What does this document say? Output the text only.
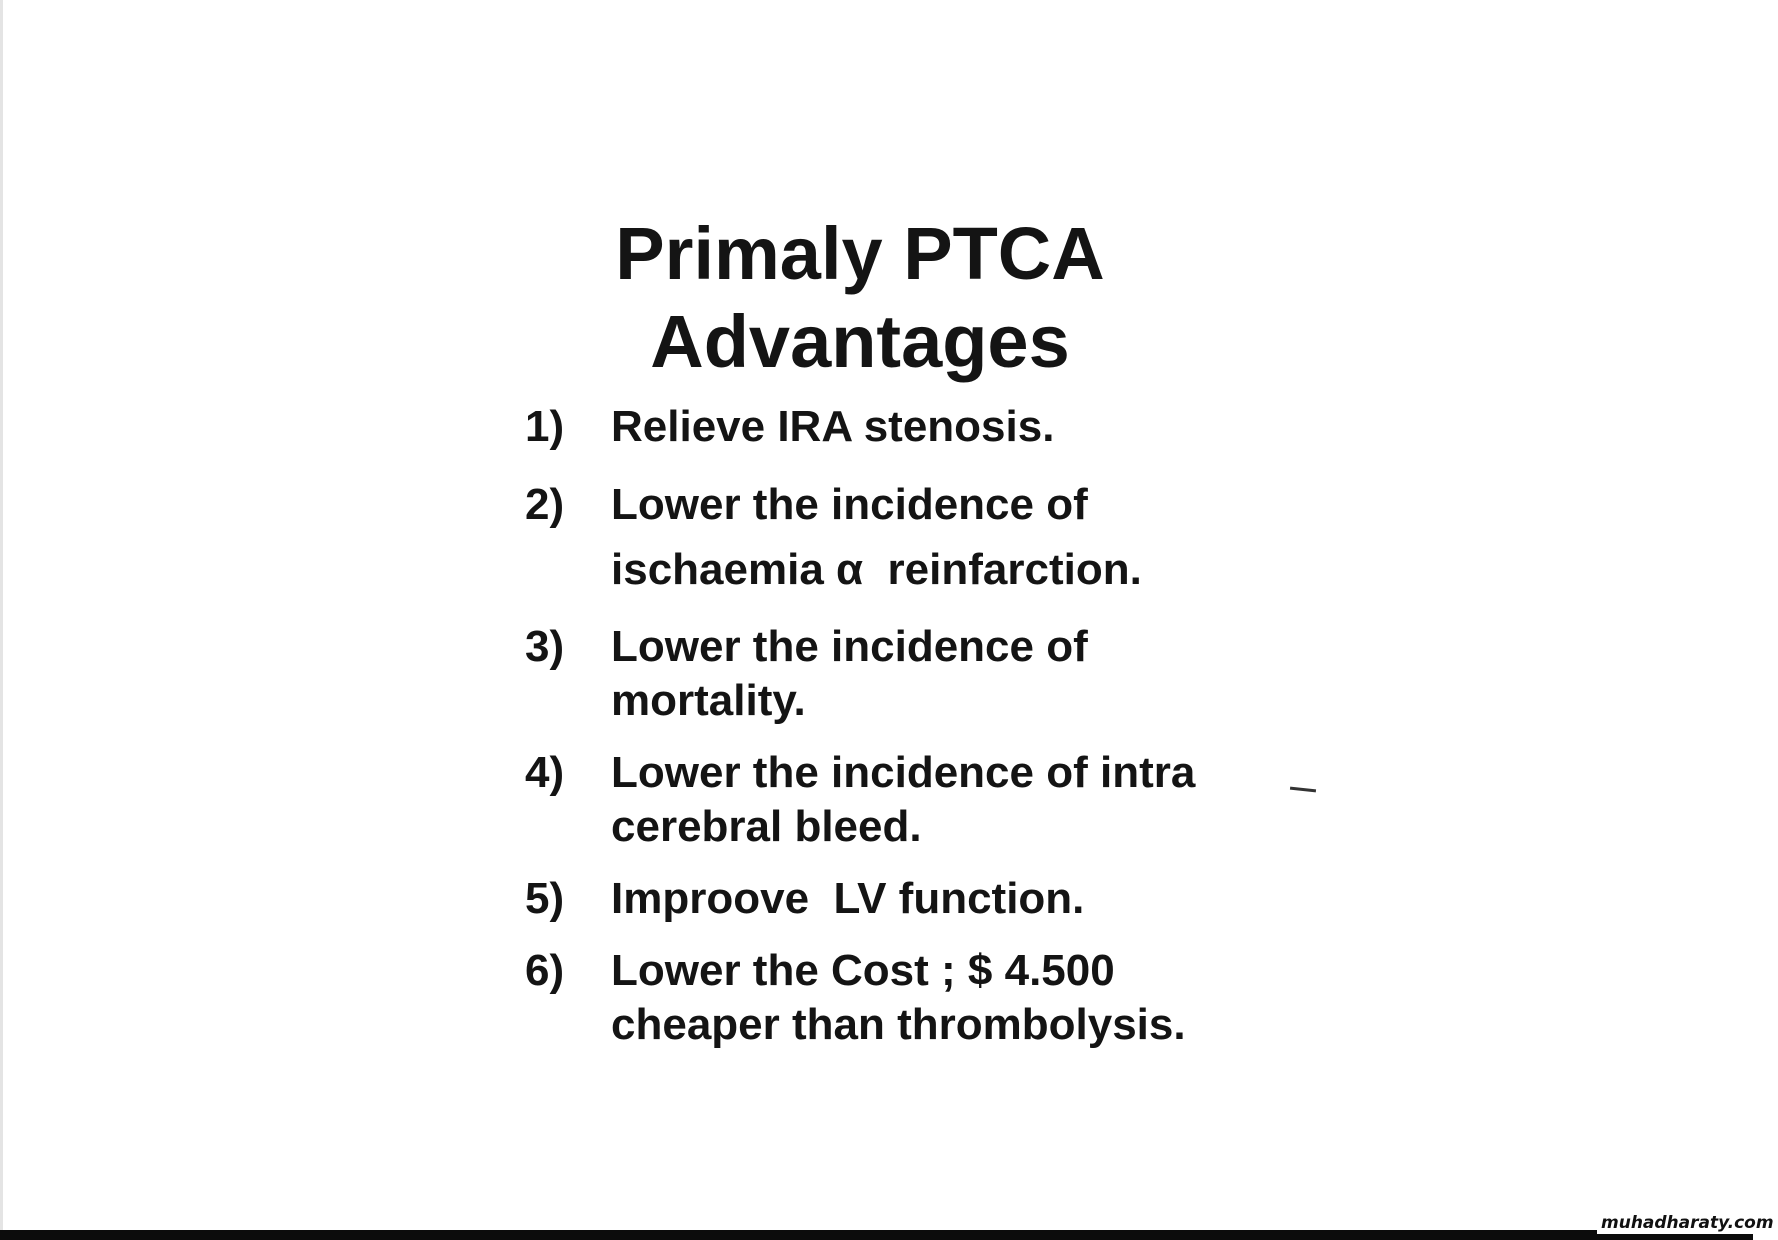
Primaly PTCA
Advantages
1) Relieve IRA stenosis.
2) Lower the incidence of
ischaemia α  reinfarction.
3) Lower the incidence of
mortality.
4) Lower the incidence of intra
cerebral bleed.
5) Improove  LV function.
6) Lower the Cost ; $ 4.500
cheaper than thrombolysis.
muhadharaty.com
